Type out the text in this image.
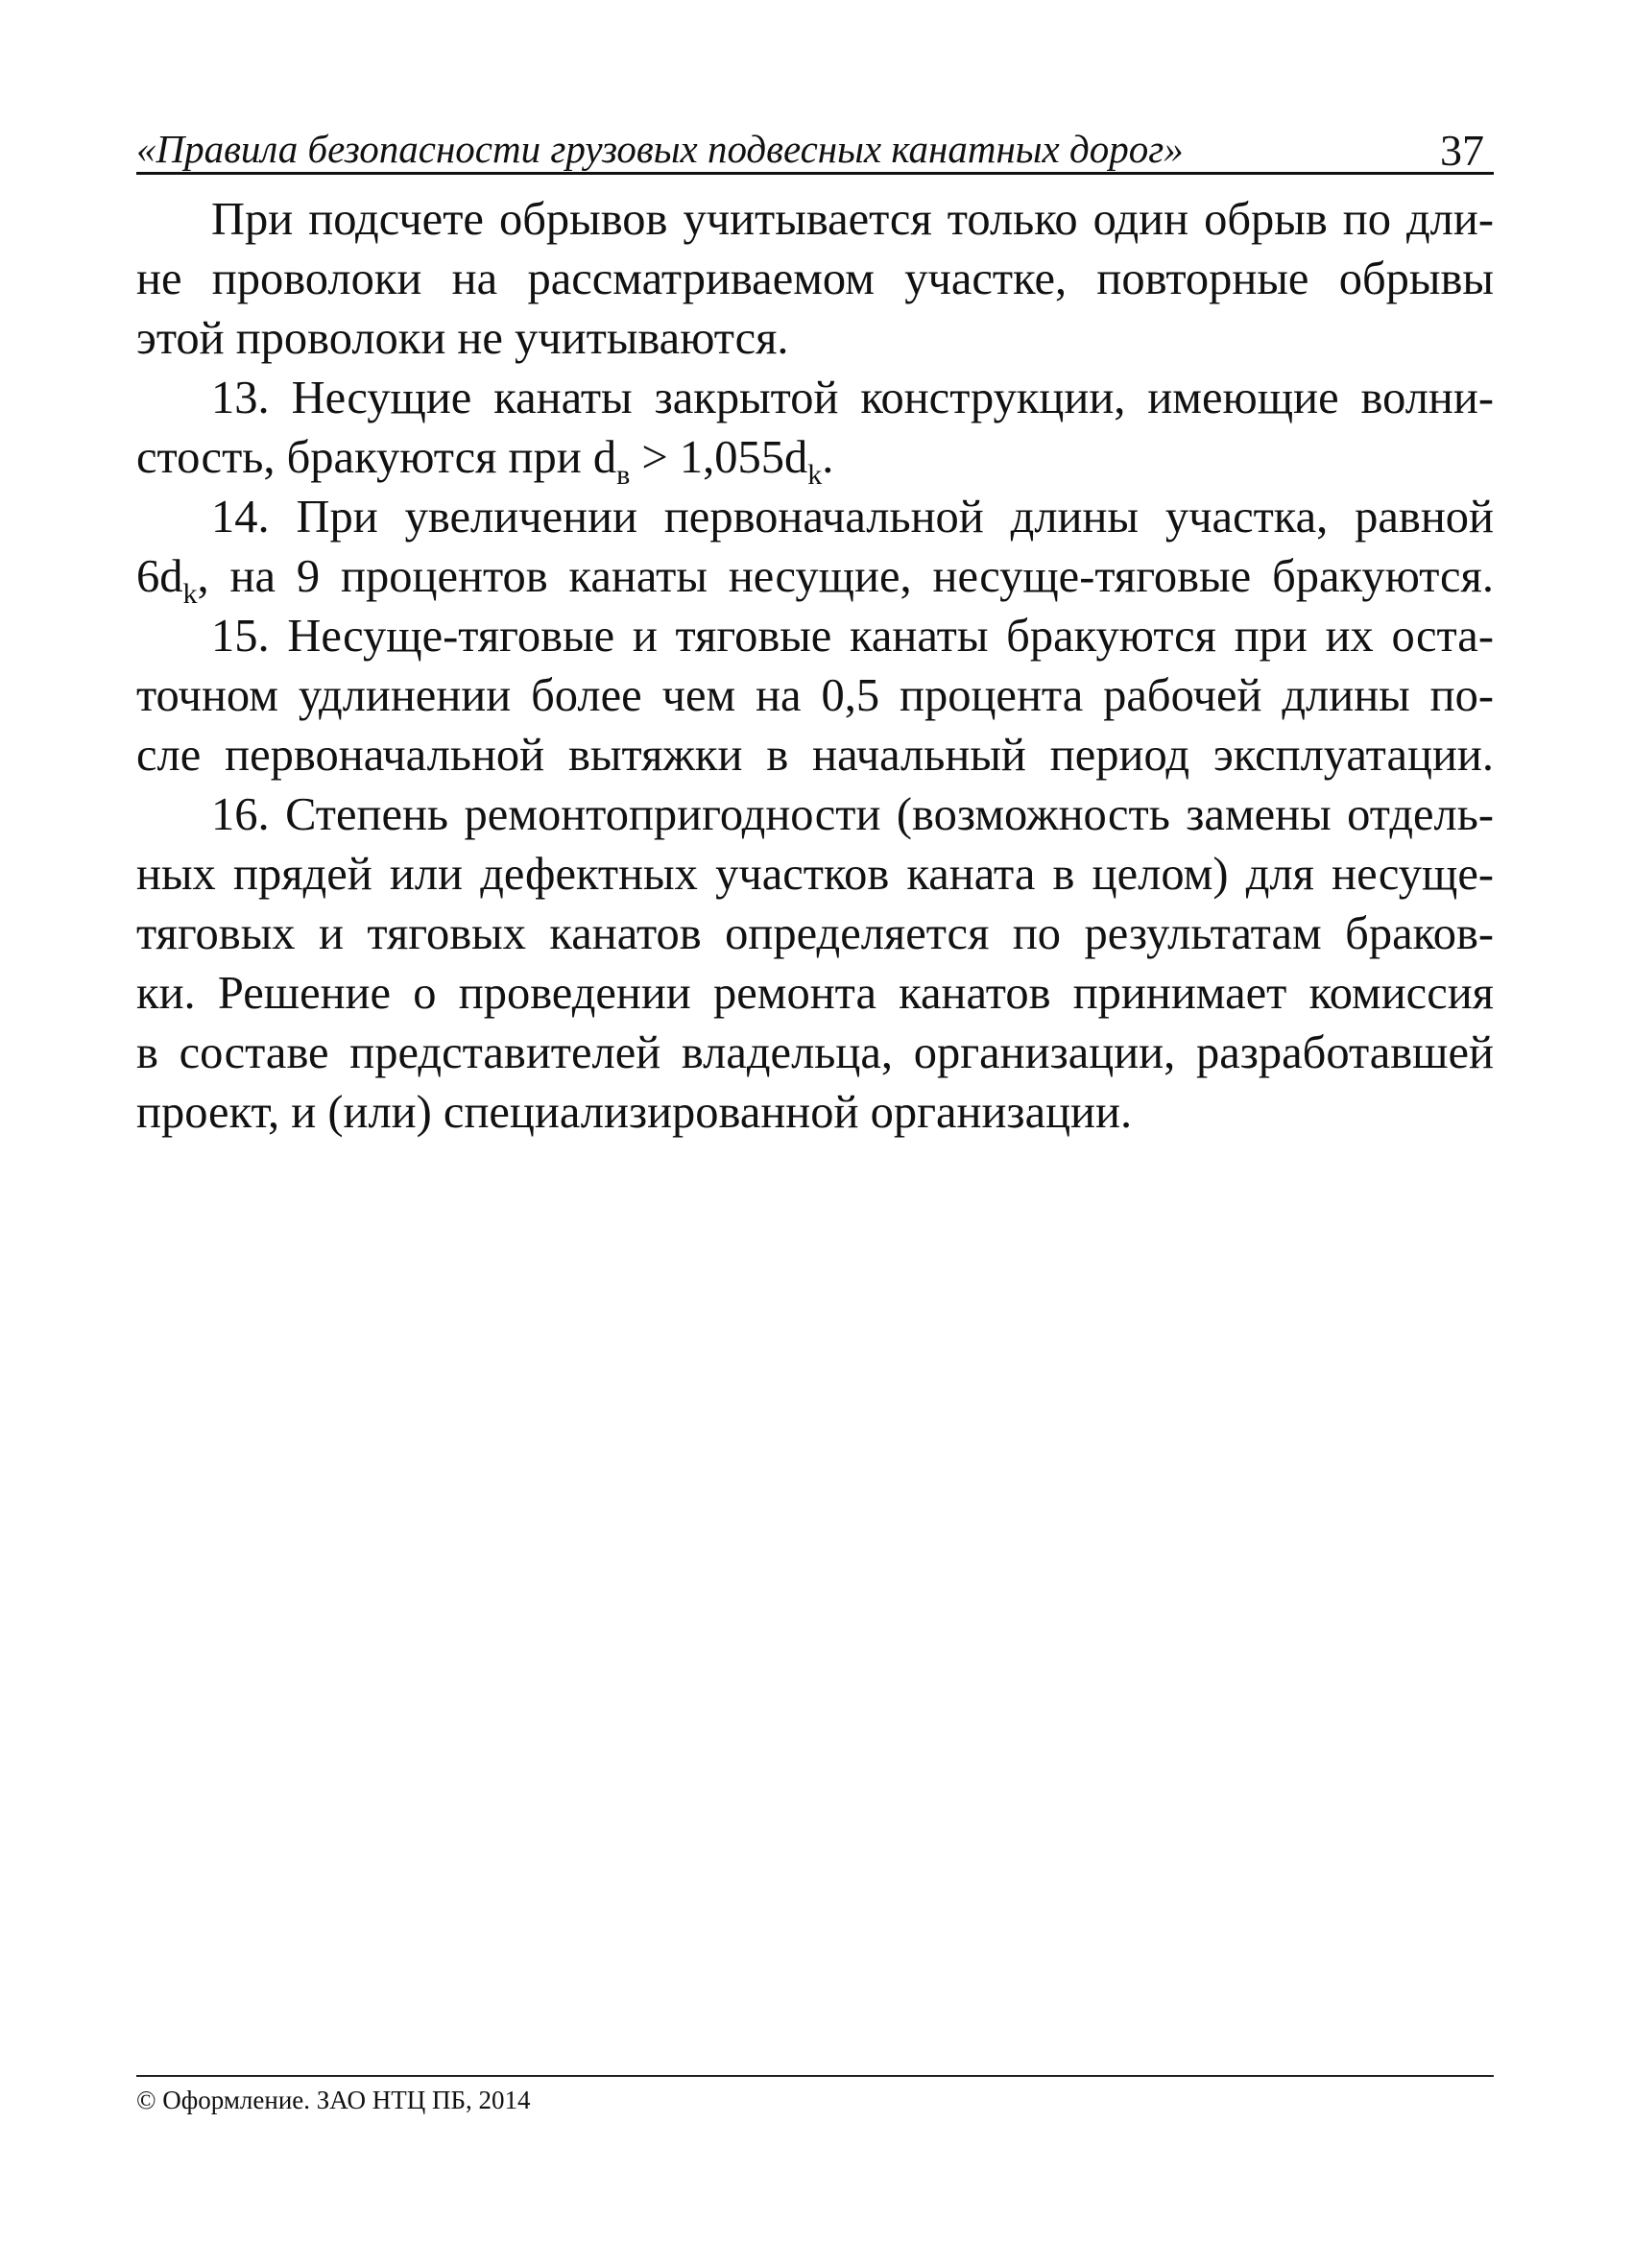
«Правила безопасности грузовых подвесных канатных дорог»	37

При подсчете обрывов учитывается только один обрыв по дли-
не проволоки на рассматриваемом участке, повторные обрывы
этой проволоки не учитываются.

13. Несущие канаты закрытой конструкции, имеющие волни-
стость, бракуются при $d_в > 1,055d_k$.

14. При увеличении первоначальной длины участка, равной
$6d_k$, на 9 процентов канаты несущие, несуще-тяговые бракуются.

15. Несуще-тяговые и тяговые канаты бракуются при их оста-
точном удлинении более чем на 0,5 процента рабочей длины по-
сле первоначальной вытяжки в начальный период эксплуатации.

16. Степень ремонтопригодности (возможность замены отдель-
ных прядей или дефектных участков каната в целом) для несуще-
тяговых и тяговых канатов определяется по результатам браков-
ки. Решение о проведении ремонта канатов принимает комиссия
в составе представителей владельца, организации, разработавшей
проект, и (или) специализированной организации.

© Оформление. ЗАО НТЦ ПБ, 2014
